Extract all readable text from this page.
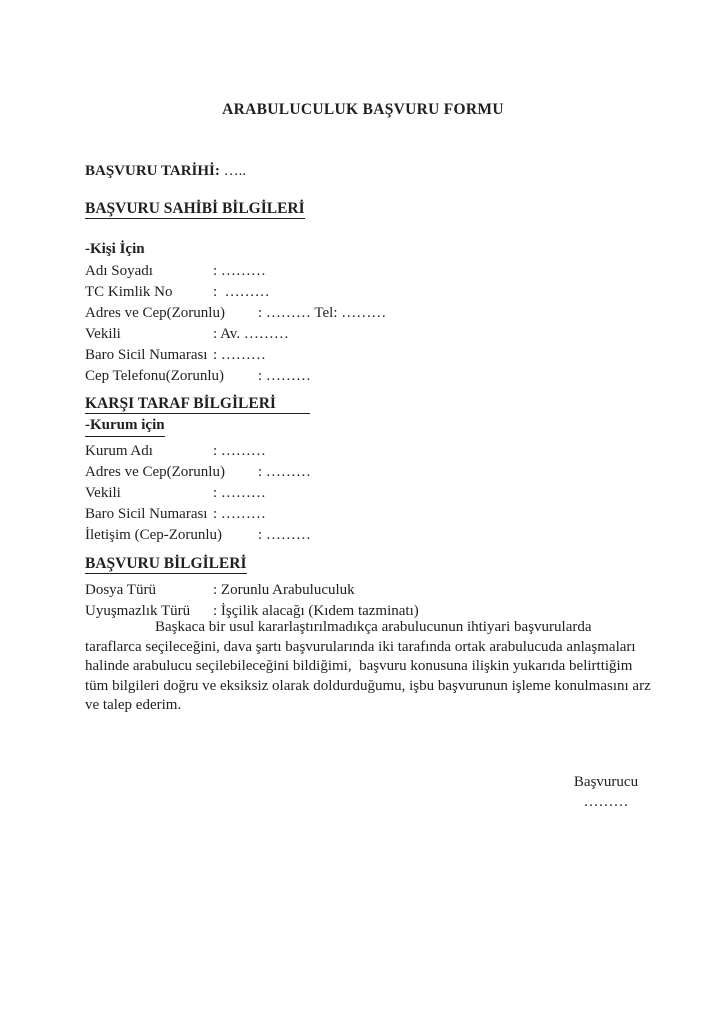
ARABULUCULUK BAŞVURU FORMU
BAŞVURU TARİHİ: …..
BAŞVURU SAHİBİ BİLGİLERİ
-Kişi İçin
Adı Soyadı	: ………
TC Kimlik No	:  ………
Adres ve Cep(Zorunlu) : ……… Tel: ………
Vekili	: Av. ………
Baro Sicil Numarası : ………
Cep Telefonu(Zorunlu) : ………
KARŞI TARAF BİLGİLERİ
-Kurum için
Kurum Adı	: ………
Adres ve Cep(Zorunlu) : ………
Vekili	: ………
Baro Sicil Numarası : ………
İletişim (Cep-Zorunlu) : ………
BAŞVURU BİLGİLERİ
Dosya Türü	: Zorunlu Arabuluculuk
Uyuşmazlık Türü : İşçilik alacağı (Kıdem tazminatı)
Başkaca bir usul kararlaştırılmadıkça arabulucunun ihtiyari başvurularda
taraflarca seçileceğini, dava şartı başvurularında iki tarafında ortak arabulucuda anlaşmaları
halinde arabulucu seçilebileceğini bildiğimi,  başvuru konusuna ilişkin yukarıda belirttiğim
tüm bilgileri doğru ve eksiksiz olarak doldurduğumu, işbu başvurunun işleme konulmasını arz
ve talep ederim.
Başvurucu
………
